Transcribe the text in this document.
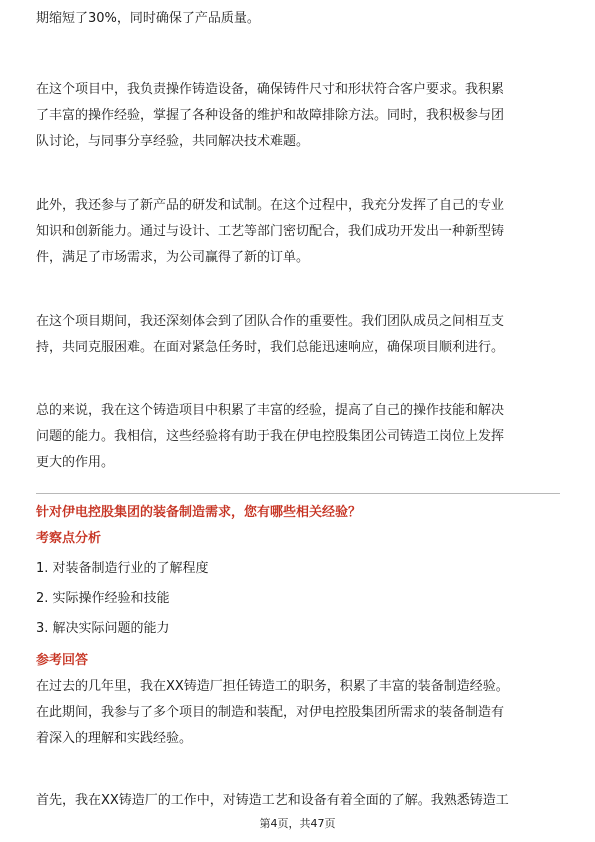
期缩短了30%，同时确保了产品质量。
在这个项目中，我负责操作铸造设备，确保铸件尺寸和形状符合客户要求。我积累
了丰富的操作经验，掌握了各种设备的维护和故障排除方法。同时，我积极参与团
队讨论，与同事分享经验，共同解决技术难题。
此外，我还参与了新产品的研发和试制。在这个过程中，我充分发挥了自己的专业
知识和创新能力。通过与设计、工艺等部门密切配合，我们成功开发出一种新型铸
件，满足了市场需求，为公司赢得了新的订单。
在这个项目期间，我还深刻体会到了团队合作的重要性。我们团队成员之间相互支
持，共同克服困难。在面对紧急任务时，我们总能迅速响应，确保项目顺利进行。
总的来说，我在这个铸造项目中积累了丰富的经验，提高了自己的操作技能和解决
问题的能力。我相信，这些经验将有助于我在伊电控股集团公司铸造工岗位上发挥
更大的作用。

针对伊电控股集团的装备制造需求，您有哪些相关经验？

考察点分析

1. 对装备制造行业的了解程度
2. 实际操作经验和技能
3. 解决实际问题的能力

参考回答

在过去的几年里，我在XX铸造厂担任铸造工的职务，积累了丰富的装备制造经验。
在此期间，我参与了多个项目的制造和装配，对伊电控股集团所需求的装备制造有
着深入的理解和实践经验。
首先，我在XX铸造厂的工作中，对铸造工艺和设备有着全面的了解。我熟悉铸造工
第4页，共47页
